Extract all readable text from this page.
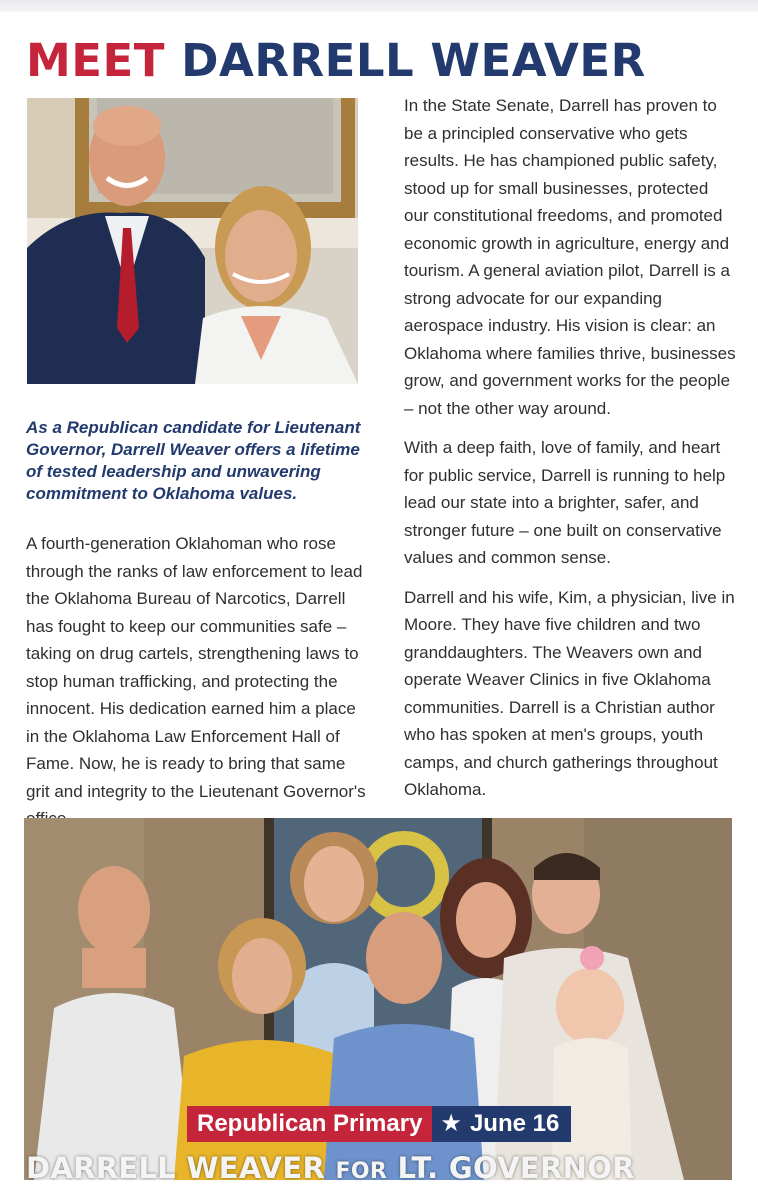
MEET DARRELL WEAVER

As a Republican candidate for Lieutenant Governor, Darrell Weaver offers a lifetime of tested leadership and unwavering commitment to Oklahoma values.

A fourth-generation Oklahoman who rose through the ranks of law enforcement to lead the Oklahoma Bureau of Narcotics, Darrell has fought to keep our communities safe – taking on drug cartels, strengthening laws to stop human trafficking, and protecting the innocent. His dedication earned him a place in the Oklahoma Law Enforcement Hall of Fame. Now, he is ready to bring that same grit and integrity to the Lieutenant Governor's

In the State Senate, Darrell has proven to be a principled conservative who gets results. He has championed public safety, stood up for small businesses, protected our constitutional freedoms, and promoted economic growth in agriculture, energy and tourism. A general aviation pilot, Darrell is a strong advocate for our expanding aerospace industry. His vision is clear: an Oklahoma where families thrive, businesses grow, and government works for the people – not the other way around.

With a deep faith, love of family, and heart for public service, Darrell is running to help lead our state into a brighter, safer, and stronger future – one built on conservative values and common sense.

Darrell and his wife, Kim, a physician, live in Moore. They have five children and two granddaughters. The Weavers own and operate Weaver Clinics in five Oklahoma communities. Darrell is a Christian author who has spoken at men's groups, youth camps, and church gatherings throughout Oklahoma.

Republican Primary ★ June 16
DARRELL WEAVER FOR LT. GOVERNOR
